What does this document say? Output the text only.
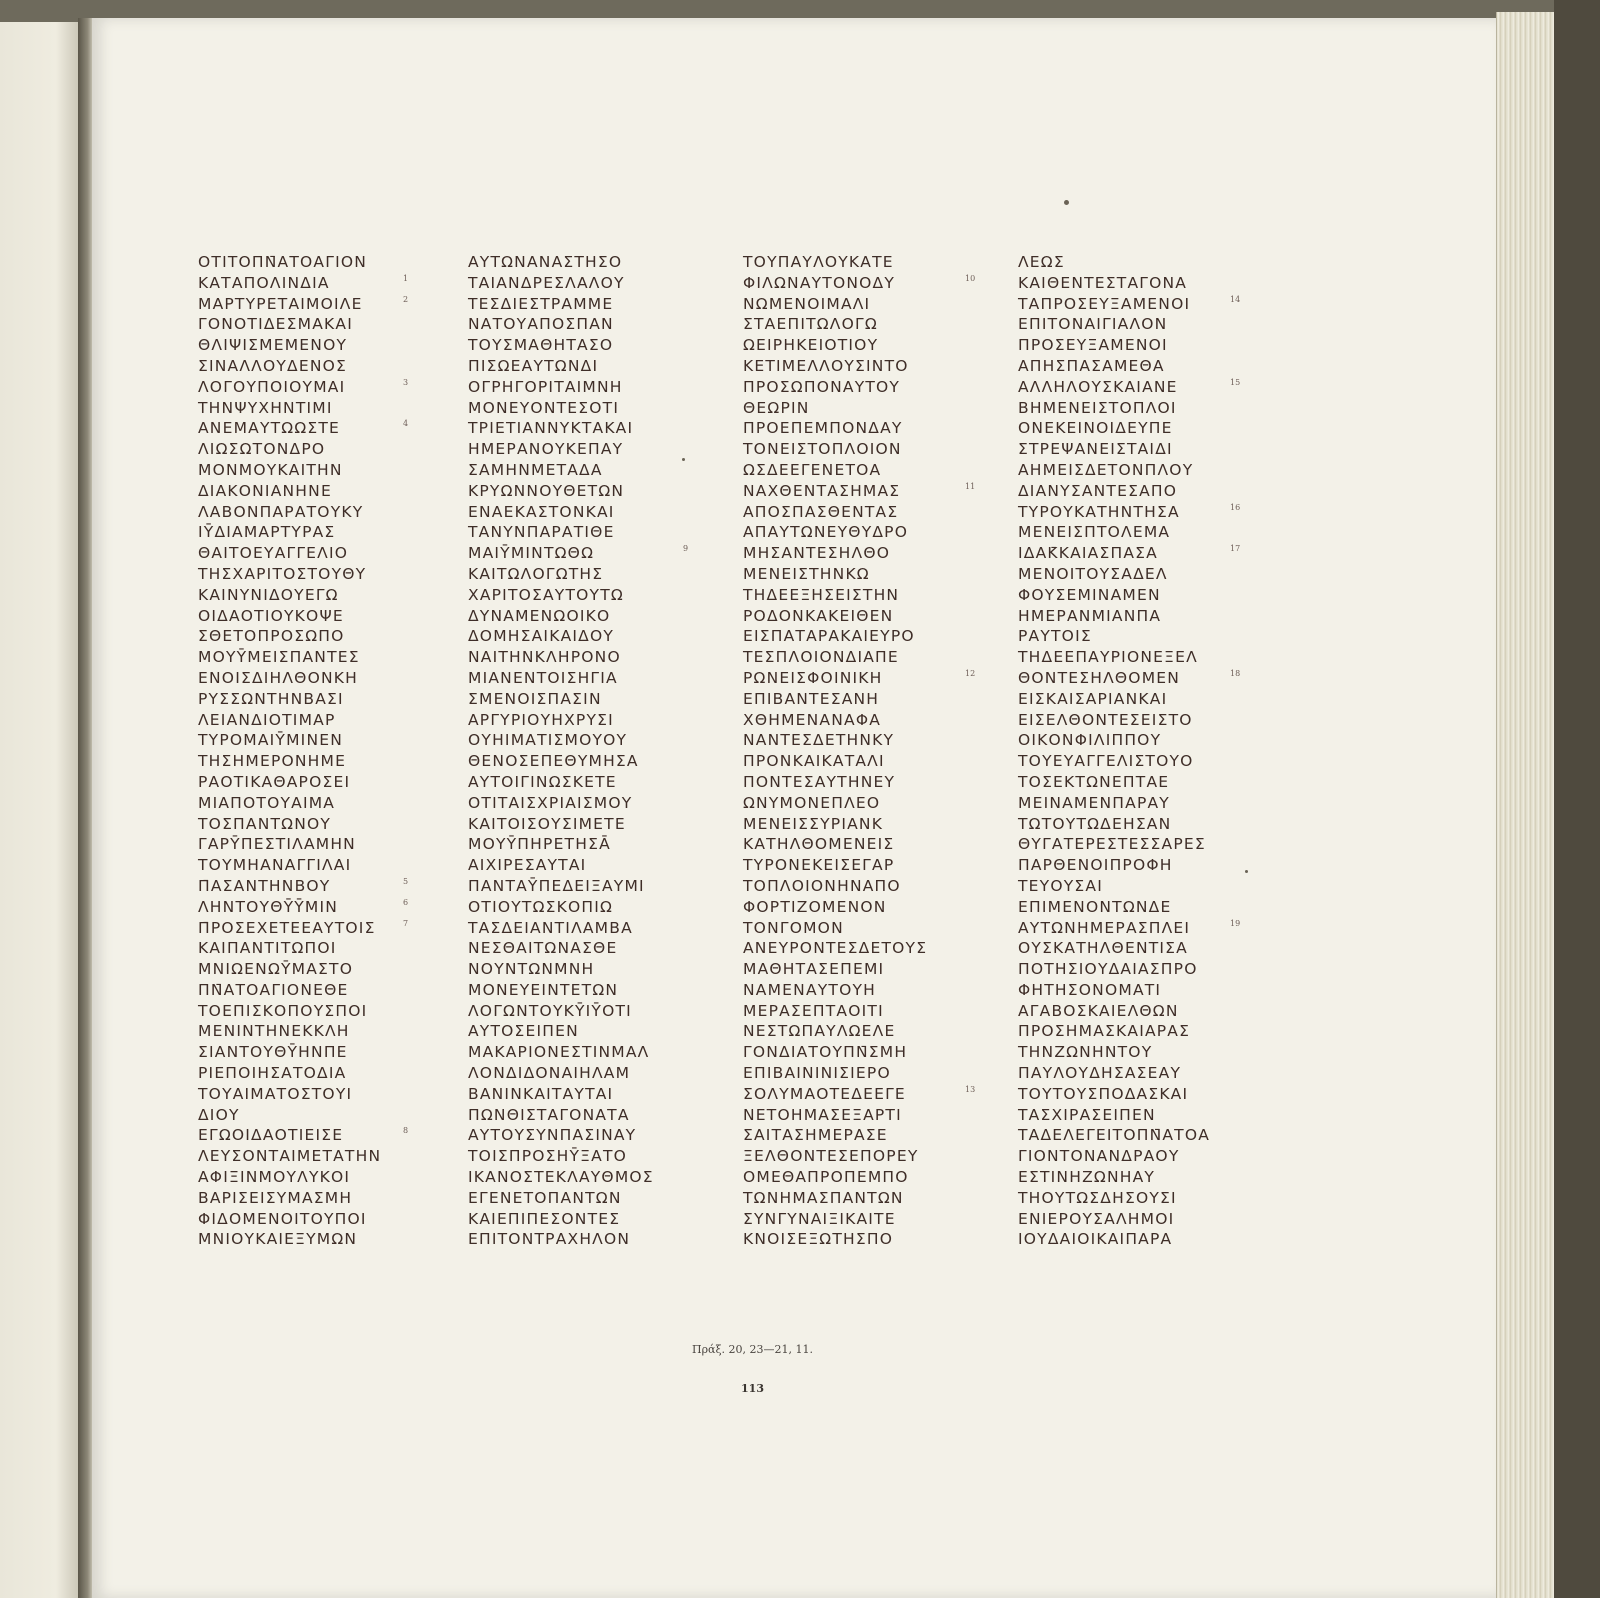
ΟΤΙΤΟΠΝ̄ΑΤΟΑΓΙΟΝ
ΚΑΤΑΠΟΛΙΝΔΙΑ	1
ΜΑΡΤΥΡΕΤΑΙΜΟΙΛΕ	2
ΓΟΝΟΤΙΔΕΣΜΑΚΑΙ
ΘΛΙΨΙΣΜΕΜΕΝΟΥ
ΣΙΝΑΛΛΟΥΔΕΝΟΣ
ΛΟΓΟΥΠΟΙΟΥΜΑΙ	3
ΤΗΝΨΥΧΗΝΤΙΜΙ
ΑΝΕΜΑΥΤΩΩΣΤΕ	4
ΛΙΩΣΩΤΟΝΔΡΟ
ΜΟΝΜΟΥΚΑΙΤΗΝ
ΔΙΑΚΟΝΙΑΝΗΝΕ
ΛΑΒΟΝΠΑΡΑΤΟΥΚΥ
ΙῩΔΙΑΜΑΡΤΥΡΑΣ
ΘΑΙΤΟΕΥΑΓΓΕΛΙΟ
ΤΗΣΧΑΡΙΤΟΣΤΟΥΘΥ
ΚΑΙΝΥΝΙΔΟΥΕΓΩ
ΟΙΔΑΟΤΙΟΥΚΟΨΕ
ΣΘΕΤΟΠΡΟΣΩΠΟ
ΜΟΥῩΜΕΙΣΠΑΝΤΕΣ
ΕΝΟΙΣΔΙΗΛΘΟΝΚΗ
ΡΥΣΣΩΝΤΗΝΒΑΣΙ
ΛΕΙΑΝΔΙΟΤΙΜΑΡ
ΤΥΡΟΜΑΙῩΜΙΝΕΝ
ΤΗΣΗΜΕΡΟΝΗΜΕ
ΡΑΟΤΙΚΑΘΑΡΟΣΕΙ
ΜΙΑΠΟΤΟΥΑΙΜΑ
ΤΟΣΠΑΝΤΩΝΟΥ
ΓΑΡῩΠΕΣΤΙΛΑΜΗΝ
ΤΟΥΜΗΑΝΑΓΓΙΛΑΙ
Π̄ΑΣΑΝΤΗΝΒΟΥ	5
ΛΗΝΤΟΥΘῩῩΜΙΝ	6
Π̄ΡΟΣΕΧΕΤΕΕΑΥΤΟΙΣ	7
ΚΑΙΠΑΝΤΙΤΩΠΟΙ
ΜΝΙΩΕΝΩῩΜΑΣΤΟ
ΠΝ̄ΑΤΟΑΓΙΟΝΕΘΕ
ΤΟΕΠΙΣΚΟΠΟΥΣΠΟΙ
ΜΕΝΙΝΤΗΝΕΚΚΛΗ
ΣΙΑΝΤΟΥΘῩΗΝΠΕ
ΡΙΕΠΟΙΗΣΑΤΟΔΙΑ
ΤΟΥΑΙΜΑΤΟΣΤΟΥΙ
ΔΙΟΥ
ΕΓΩΟΙΔΑΟΤΙΕΙΣΕ	8
ΛΕΥΣΟΝΤΑΙΜΕΤΑΤΗΝ
ΑΦΙΞΙΝΜΟΥΛΥΚΟΙ
ΒΑΡΙΣΕΙΣΥΜΑΣΜΗ
ΦΙΔΟΜΕΝΟΙΤΟΥΠΟΙ
ΜΝΙΟΥΚΑΙΕΞΥΜΩΝ
ΑΥΤΩΝΑΝΑΣΤΗΣΟ
ΤΑΙΑΝΔΡΕΣΛΑΛΟΥ
ΤΕΣΔΙΕΣΤΡΑΜΜΕ
ΝΑΤΟΥΑΠΟΣΠΑΝ
ΤΟΥΣΜΑΘΗΤΑΣΟ
ΠΙΣΩΕΑΥΤΩΝΔΙ
ΟΓΡΗΓΟΡΙΤΑΙΜΝΗ
ΜΟΝΕΥΟΝΤΕΣΟΤΙ
ΤΡΙΕΤΙΑΝΝΥΚΤΑΚΑΙ
ΗΜΕΡΑΝΟΥΚΕΠΑΥ
ΣΑΜΗΝΜΕΤΑΔΑ
ΚΡΥΩΝΝΟΥΘΕΤΩΝ
ΕΝΑΕΚΑΣΤΟΝΚΑΙ
ΤΑΝΥΝΠΑΡΑΤΙΘΕ
ΜΑΙῩΜΙΝΤΩΘΩ	9
ΚΑΙΤΩΛΟΓΩΤΗΣ
ΧΑΡΙΤΟΣΑΥΤΟΥΤΩ
ΔΥΝΑΜΕΝΩΟΙΚΟ
ΔΟΜΗΣΑΙΚΑΙΔΟΥ
ΝΑΙΤΗΝΚΛΗΡΟΝΟ
ΜΙΑΝΕΝΤΟΙΣΗΓΙΑ
ΣΜΕΝΟΙΣΠΑΣΙΝ
ΑΡΓΥΡΙΟΥΗΧΡΥΣΙ
ΟΥΗΙΜΑΤΙΣΜΟΥΟΥ
ΘΕΝΟΣΕΠΕΘΥΜΗΣΑ
ΑΥΤΟΙΓΙΝΩΣΚΕΤΕ
ΟΤΙΤΑΙΣΧΡΙΑΙΣΜΟΥ
ΚΑΙΤΟΙΣΟΥΣΙΜΕΤΕ
ΜΟΥῩΠΗΡΕΤΗΣᾹ
ΑΙΧΙΡΕΣΑΥΤΑΙ
ΠΑΝΤΑῩΠΕΔΕΙΞΑΥΜΙ
ΟΤΙΟΥΤΩΣΚΟΠΙΩ
ΤΑΣΔΕΙΑΝΤΙΛΑΜΒΑ
ΝΕΣΘΑΙΤΩΝΑΣΘΕ
ΝΟΥΝΤΩΝΜΝΗ
ΜΟΝΕΥΕΙΝΤΕΤΩΝ
ΛΟΓΩΝΤΟΥΚῩΙῩΟΤΙ
ΑΥΤΟΣΕΙΠΕΝ
ΜΑΚΑΡΙΟΝΕΣΤΙΝΜΑΛ
ΛΟΝΔΙΔΟΝΑΙΗΛΑΜ
ΒΑΝΙΝΚΑΙΤΑΥΤΑΙ
ΠΩΝΘΙΣΤΑΓΟΝΑΤΑ
ΑΥΤΟΥΣΥΝΠΑΣΙΝΑΥ
ΤΟΙΣΠΡΟΣΗῩΞΑΤΟ
ΙΚΑΝΟΣΤΕΚΛΑΥΘΜΟΣ
ΕΓΕΝΕΤΟΠΑΝΤΩΝ
ΚΑΙΕΠΙΠΕΣΟΝΤΕΣ
ΕΠΙΤΟΝΤΡΑΧΗΛΟΝ
ΤΟΥΠΑΥΛΟΥΚΑΤΕ
ΦΙΛΩΝΑΥΤΟΝΟΔΥ	10
ΝΩΜΕΝΟΙΜΑΛΙ
ΣΤΑΕΠΙΤΩΛΟΓΩ
ΩΕΙΡΗΚΕΙΟΤΙΟΥ
ΚΕΤΙΜΕΛΛΟΥΣΙΝΤΟ
ΠΡΟΣΩΠΟΝΑΥΤΟΥ
ΘΕΩΡΙΝ
ΠΡΟΕΠΕΜΠΟΝΔΑΥ
ΤΟΝΕΙΣΤΟΠΛΟΙΟΝ
ΩΣΔΕΕΓΕΝΕΤΟΑ
ΝΑΧΘΕΝΤΑΣΗΜΑΣ	11
ΑΠΟΣΠΑΣΘΕΝΤΑΣ
ΑΠΑΥΤΩΝΕΥΘΥΔΡΟ
ΜΗΣΑΝΤΕΣΗΛΘΟ
ΜΕΝΕΙΣΤΗΝΚΩ
ΤΗΔΕΕΞΗΣΕΙΣΤΗΝ
ΡΟΔΟΝΚΑΚΕΙΘΕΝ
ΕΙΣΠΑΤΑΡΑΚΑΙΕΥΡΟ
ΤΕΣΠΛΟΙΟΝΔΙΑΠΕ
ΡΩΝΕΙΣΦΟΙΝΙΚΗ	12
ΕΠΙΒΑΝΤΕΣΑΝΗ
ΧΘΗΜΕΝΑΝΑΦΑ
ΝΑΝΤΕΣΔΕΤΗΝΚΥ
ΠΡΟΝΚΑΙΚΑΤΑΛΙ
ΠΟΝΤΕΣΑΥΤΗΝΕΥ
ΩΝΥΜΟΝΕΠΛΕΟ
ΜΕΝΕΙΣΣΥΡΙΑΝΚ
ΚΑΤΗΛΘΟΜΕΝΕΙΣ
ΤΥΡΟΝΕΚΕΙΣΕΓΑΡ
ΤΟΠΛΟΙΟΝΗΝΑΠΟ
ΦΟΡΤΙΖΟΜΕΝΟΝ
ΤΟΝΓΟΜΟΝ
ΑΝΕΥΡΟΝΤΕΣΔΕΤΟΥΣ
ΜΑΘΗΤΑΣΕΠΕΜΙ
ΝΑΜΕΝΑΥΤΟΥΗ
ΜΕΡΑΣΕΠΤΑΟΙΤΙ
ΝΕΣΤΩΠΑΥΛΩΕΛΕ
ΓΟΝΔΙΑΤΟΥΠΝ̄ΣΜΗ
ΕΠΙΒΑΙΝΙΝΙΣΙΕΡΟ
ΣΟΛΥΜΑΟΤΕΔΕΕΓΕ	13
ΝΕΤΟΗΜΑΣΕΞΑΡΤΙ
ΣΑΙΤΑΣΗΜΕΡΑΣΕ
ΞΕΛΘΟΝΤΕΣΕΠΟΡΕΥ
ΟΜΕΘΑΠΡΟΠΕΜΠΟ
ΤΩΝΗΜΑΣΠΑΝΤΩΝ
ΣΥΝΓΥΝΑΙΞΙΚΑΙΤΕ
ΚΝΟΙΣΕΞΩΤΗΣΠΟ
ΛΕΩΣ
ΚΑΙΘΕΝΤΕΣΤΑΓΟΝΑ
ΤΑΠΡΟΣΕΥΞΑΜΕΝΟΙ	14
ΕΠΙΤΟΝΑΙΓΙΑΛΟΝ
ΠΡΟΣΕΥΞΑΜΕΝΟΙ
ΑΠΗΣΠΑΣΑΜΕΘΑ
ΑΛΛΗΛΟΥΣΚΑΙΑΝΕ	15
ΒΗΜΕΝΕΙΣΤΟΠΛΟΙ
ΟΝΕΚΕΙΝΟΙΔΕΥΠΕ
ΣΤΡΕΨΑΝΕΙΣΤΑΙΔΙ
ΑΗΜΕΙΣΔΕΤΟΝΠΛΟΥ
ΔΙΑΝΥΣΑΝΤΕΣΑΠΟ
ΤΥΡΟΥΚΑΤΗΝΤΗΣΑ	16
ΜΕΝΕΙΣΠΤΟΛΕΜΑ
ΙΔΑΚ̄ΚΑΙΑΣΠΑΣΑ	17
ΜΕΝΟΙΤΟΥΣΑΔΕΛ
ΦΟΥΣΕΜΙΝΑΜΕΝ
ΗΜΕΡΑΝΜΙΑΝΠΑ
ΡΑΥΤΟΙΣ
ΤΗΔΕΕΠΑΥΡΙΟΝΕΞΕΛ
ΘΟΝΤΕΣΗΛΘΟΜΕΝ	18
ΕΙΣΚΑΙΣΑΡΙΑΝΚΑΙ
ΕΙΣΕΛΘΟΝΤΕΣΕΙΣΤΟ
ΟΙΚΟΝΦΙΛΙΠΠΟΥ
ΤΟΥΕΥΑΓΓΕΛΙΣΤΟΥΟ
ΤΟΣΕΚΤΩΝΕΠΤΑΕ
ΜΕΙΝΑΜΕΝΠΑΡΑΥ
ΤΩΤΟΥΤΩΔΕΗΣΑΝ
ΘΥΓΑΤΕΡΕΣΤΕΣΣΑΡΕΣ
ΠΑΡΘΕΝΟΙΠΡΟΦΗ
ΤΕΥΟΥΣΑΙ
ΕΠΙΜΕΝΟΝΤΩΝΔΕ
ΑΥΤΩΝΗΜΕΡΑΣΠΛΕΙ	19
ΟΥΣΚΑΤΗΛΘΕΝΤΙΣΑ
ΠΟΤΗΣΙΟΥΔΑΙΑΣΠΡΟ
ΦΗΤΗΣΟΝΟΜΑΤΙ
ΑΓΑΒΟΣΚΑΙΕΛΘΩΝ
ΠΡΟΣΗΜΑΣΚΑΙΑΡΑΣ
ΤΗΝΖΩΝΗΝΤΟΥ
ΠΑΥΛΟΥΔΗΣΑΣΕΑΥ
ΤΟΥΤΟΥΣΠΟΔΑΣΚΑΙ
ΤΑΣΧΙΡΑΣΕΙΠΕΝ
ΤΑΔΕΛΕΓΕΙΤΟΠΝ̄ΑΤΟΑ
ΓΙΟΝΤΟΝΑΝΔΡΑΟΥ
ΕΣΤΙΝΗΖΩΝΗΑΥ
ΤΗΟΥΤΩΣΔΗΣΟΥΣΙ
ΕΝΙΕΡΟΥΣΑΛΗΜΟΙ
ΙΟΥΔΑΙΟΙΚΑΙΠΑΡΑ
Πράξ. 20, 23—21, 11.
113
